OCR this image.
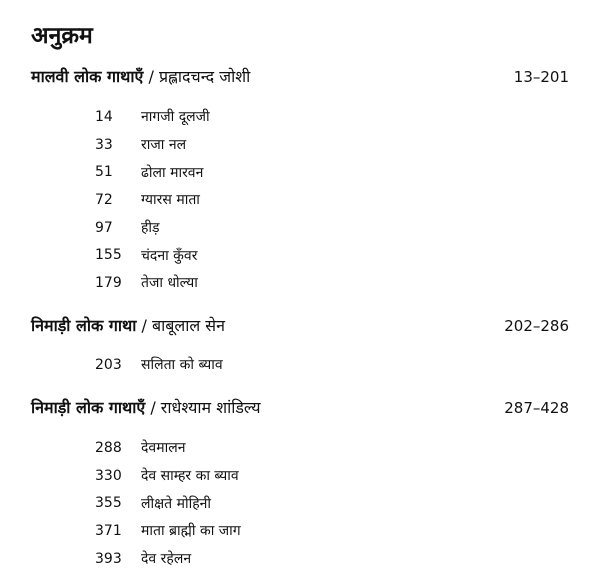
अनुक्रम
मालवी लोक गाथाएँ / प्रह्लादचन्द जोशी	13–201
14	नागजी दूलजी
33	राजा नल
51	ढोला मारवन
72	ग्यारस माता
97	हीड़
155	चंदना कुँवर
179	तेजा धोल्या
निमाड़ी लोक गाथा / बाबूलाल सेन	202–286
203	सलिता को ब्याव
निमाड़ी लोक गाथाएँ / राधेश्याम शांडिल्य	287–428
288	देवमालन
330	देव साम्हर का ब्याव
355	लीक्षते मोहिनी
371	माता ब्राह्मी का जाग
393	देव रहेलन
